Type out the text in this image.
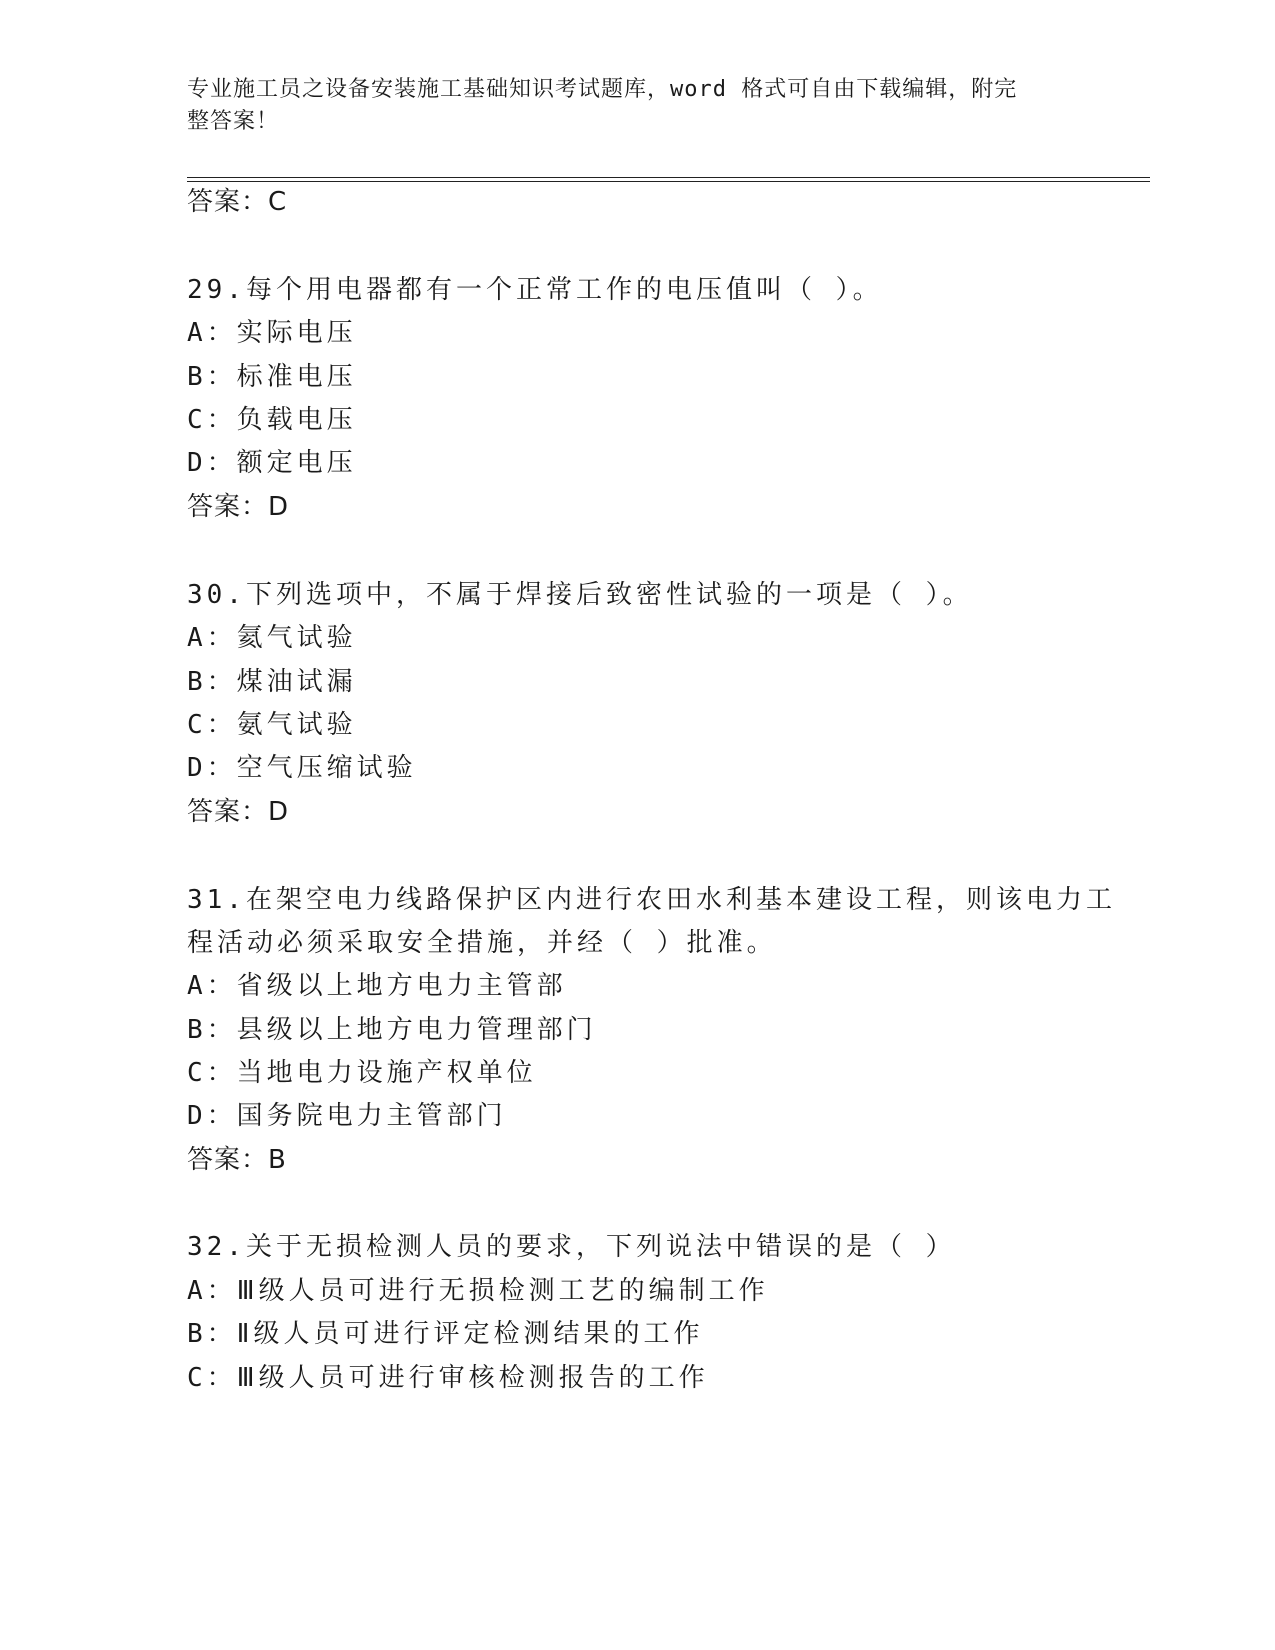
专业施工员之设备安装施工基础知识考试题库，word 格式可自由下载编辑，附完
整答案！
答案：C
29.每个用电器都有一个正常工作的电压值叫（ ）。
A：实际电压
B：标准电压
C：负载电压
D：额定电压
答案：D
30.下列选项中，不属于焊接后致密性试验的一项是（ ）。
A：氦气试验
B：煤油试漏
C：氨气试验
D：空气压缩试验
答案：D
31.在架空电力线路保护区内进行农田水利基本建设工程，则该电力工
程活动必须采取安全措施，并经（ ）批准。
A：省级以上地方电力主管部
B：县级以上地方电力管理部门
C：当地电力设施产权单位
D：国务院电力主管部门
答案：B
32.关于无损检测人员的要求，下列说法中错误的是（ ）
A：Ⅲ级人员可进行无损检测工艺的编制工作
B：Ⅱ级人员可进行评定检测结果的工作
C：Ⅲ级人员可进行审核检测报告的工作
